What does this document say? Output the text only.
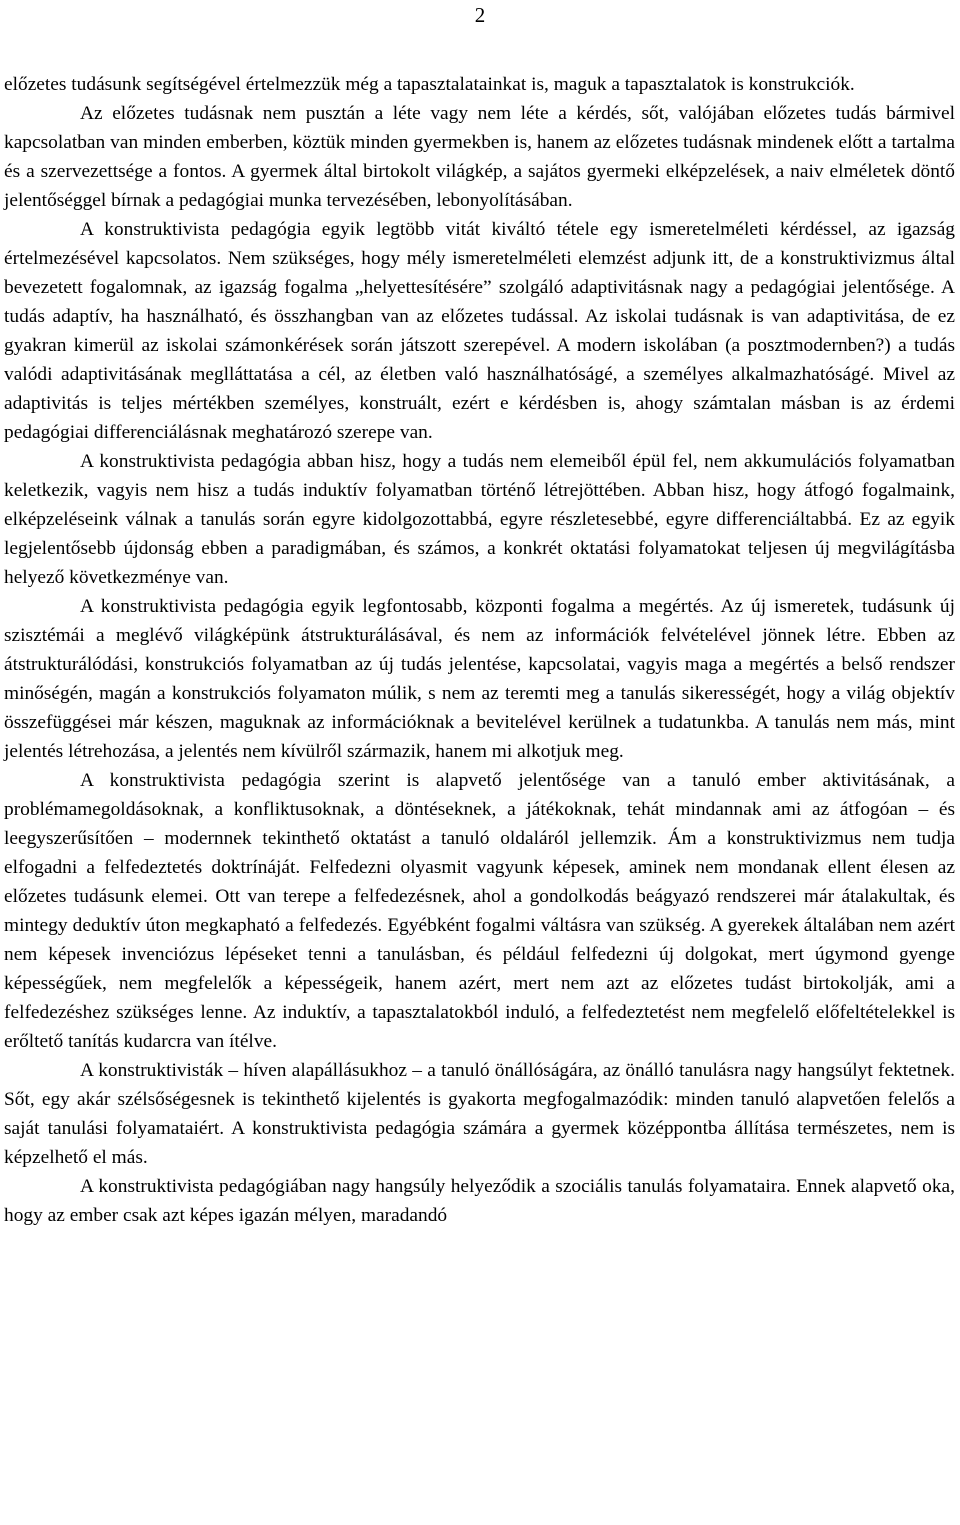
2

előzetes tudásunk segítségével értelmezzük még a tapasztalatainkat is, maguk a tapasztalatok is konstrukciók.

Az előzetes tudásnak nem pusztán a léte vagy nem léte a kérdés, sőt, valójában előzetes tudás bármivel kapcsolatban van minden emberben, köztük minden gyermekben is, hanem az előzetes tudásnak mindenek előtt a tartalma és a szervezettsége a fontos. A gyermek által birtokolt világkép, a sajátos gyermeki elképzelések, a naiv elméletek döntő jelentőséggel bírnak a pedagógiai munka tervezésében, lebonyolításában.

A konstruktivista pedagógia egyik legtöbb vitát kiváltó tétele egy ismeretelméleti kérdéssel, az igazság értelmezésével kapcsolatos. Nem szükséges, hogy mély ismeretelméleti elemzést adjunk itt, de a konstruktivizmus által bevezetett fogalomnak, az igazság fogalma „helyettesítésére” szolgáló adaptivitásnak nagy a pedagógiai jelentősége. A tudás adaptív, ha használható, és összhangban van az előzetes tudással. Az iskolai tudásnak is van adaptivitása, de ez gyakran kimerül az iskolai számonkérések során játszott szerepével. A modern iskolában (a posztmodernben?) a tudás valódi adaptivitásának meglláttatása a cél, az életben való használhatóságé, a személyes alkalmazhatóságé. Mivel az adaptivitás is teljes mértékben személyes, konstruált, ezért e kérdésben is, ahogy számtalan másban is az érdemi pedagógiai differenciálásnak meghatározó szerepe van.

A konstruktivista pedagógia abban hisz, hogy a tudás nem elemeiből épül fel, nem akkumulációs folyamatban keletkezik, vagyis nem hisz a tudás induktív folyamatban történő létrejöttében. Abban hisz, hogy átfogó fogalmaink, elképzeléseink válnak a tanulás során egyre kidolgozottabbá, egyre részletesebbé, egyre differenciáltabbá. Ez az egyik legjelentősebb újdonság ebben a paradigmában, és számos, a konkrét oktatási folyamatokat teljesen új megvilágításba helyező következménye van.

A konstruktivista pedagógia egyik legfontosabb, központi fogalma a megértés. Az új ismeretek, tudásunk új szisztémái a meglévő világképünk átstrukturálásával, és nem az információk felvételével jönnek létre. Ebben az átstrukturálódási, konstrukciós folyamatban az új tudás jelentése, kapcsolatai, vagyis maga a megértés a belső rendszer minőségén, magán a konstrukciós folyamaton múlik, s nem az teremti meg a tanulás sikerességét, hogy a világ objektív összefüggései már készen, maguknak az információknak a bevitelével kerülnek a tudatunkba. A tanulás nem más, mint jelentés létrehozása, a jelentés nem kívülről származik, hanem mi alkotjuk meg.

A konstruktivista pedagógia szerint is alapvető jelentősége van a tanuló ember aktivitásának, a problémamegoldásoknak, a konfliktusoknak, a döntéseknek, a játékoknak, tehát mindannak ami az átfogóan – és leegyszerűsítően – modernnek tekinthető oktatást a tanuló oldaláról jellemzik. Ám a konstruktivizmus nem tudja elfogadni a felfedeztetés doktrínáját. Felfedezni olyasmit vagyunk képesek, aminek nem mondanak ellent élesen az előzetes tudásunk elemei. Ott van terepe a felfedezésnek, ahol a gondolkodás beágyazó rendszerei már átalakultak, és mintegy deduktív úton megkapható a felfedezés. Egyébként fogalmi váltásra van szükség. A gyerekek általában nem azért nem képesek invenciózus lépéseket tenni a tanulásban, és például felfedezni új dolgokat, mert úgymond gyenge képességűek, nem megfelelők a képességeik, hanem azért, mert nem azt az előzetes tudást birtokolják, ami a felfedezéshez szükséges lenne. Az induktív, a tapasztalatokból induló, a felfedeztetést nem megfelelő előfeltételekkel is erőltető tanítás kudarcra van ítélve.

A konstruktivisták – híven alapállásukhoz – a tanuló önállóságára, az önálló tanulásra nagy hangsúlyt fektetnek. Sőt, egy akár szélsőségesnek is tekinthető kijelentés is gyakorta megfogalmazódik: minden tanuló alapvetően felelős a saját tanulási folyamataiért. A konstruktivista pedagógia számára a gyermek középpontba állítása természetes, nem is képzelhető el más.

A konstruktivista pedagógiában nagy hangsúly helyeződik a szociális tanulás folyamataira. Ennek alapvető oka, hogy az ember csak azt képes igazán mélyen, maradandó
